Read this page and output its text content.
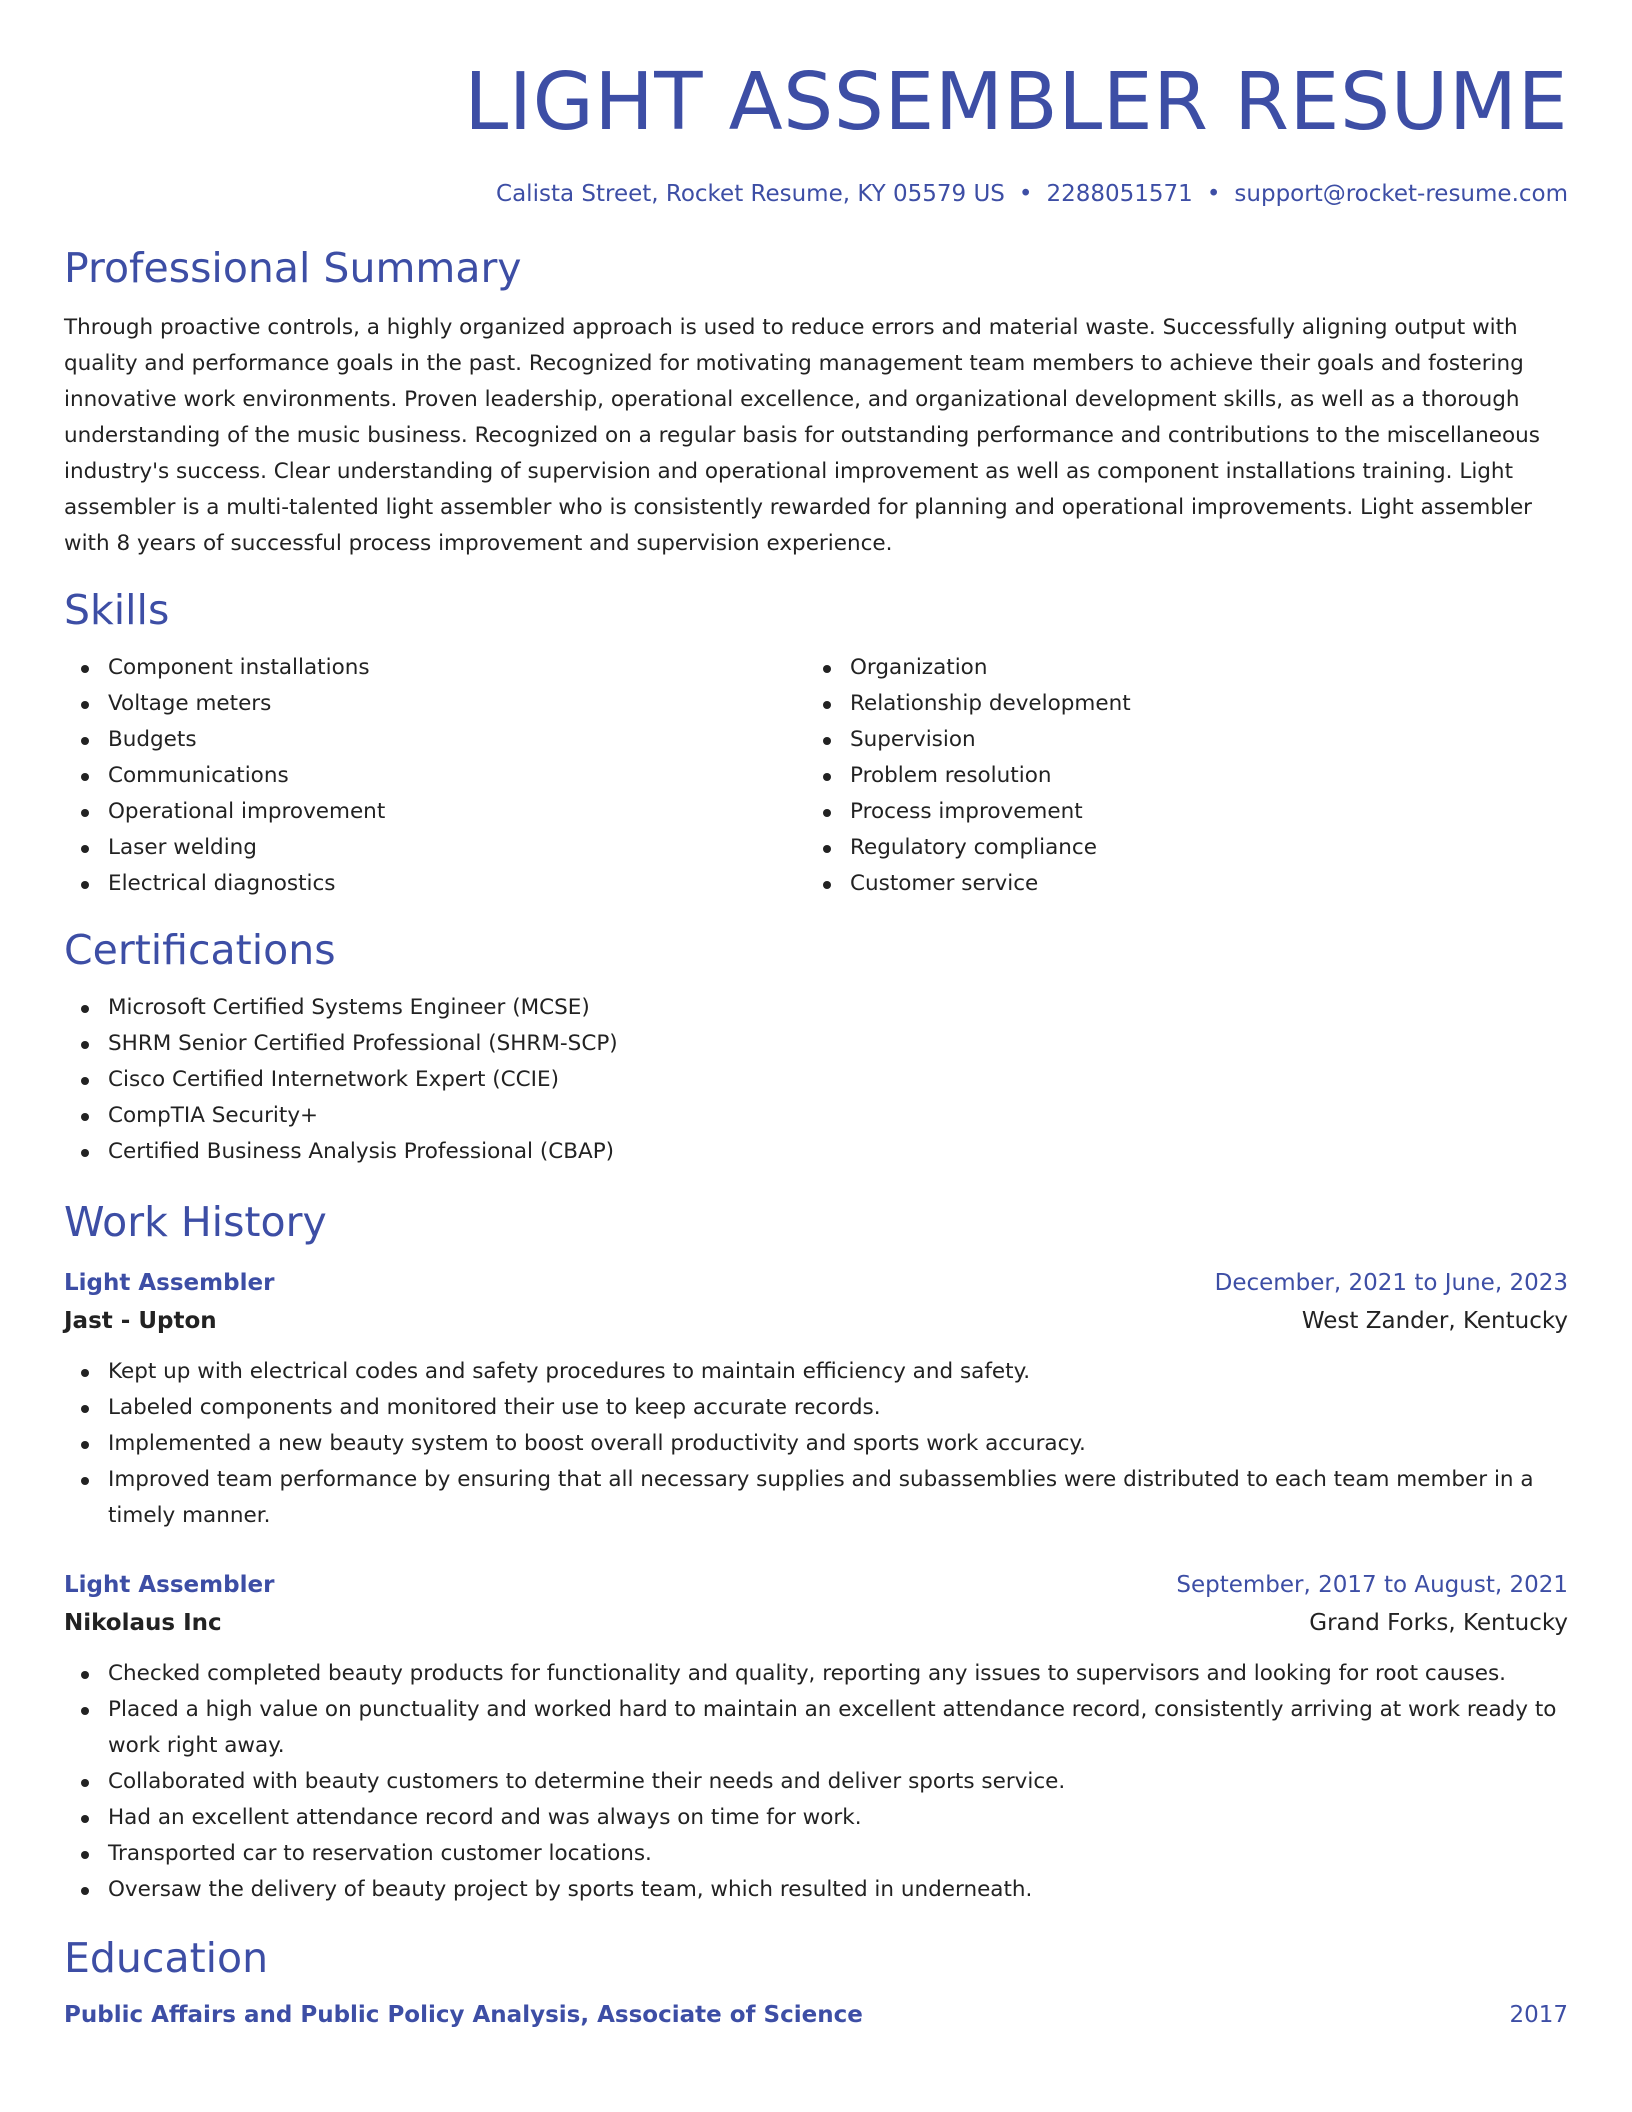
LIGHT ASSEMBLER RESUME
Calista Street, Rocket Resume, KY 05579 US • 2288051571 • support@rocket-resume.com
Professional Summary

Through proactive controls, a highly organized approach is used to reduce errors and material waste. Successfully aligning output with quality and performance goals in the past. Recognized for motivating management team members to achieve their goals and fostering innovative work environments. Proven leadership, operational excellence, and organizational development skills, as well as a thorough understanding of the music business. Recognized on a regular basis for outstanding performance and contributions to the miscellaneous industry's success. Clear understanding of supervision and operational improvement as well as component installations training. Light assembler is a multi-talented light assembler who is consistently rewarded for planning and operational improvements. Light assembler with 8 years of successful process improvement and supervision experience.

Skills
Component installations
Voltage meters
Budgets
Communications
Operational improvement
Laser welding
Electrical diagnostics
Organization
Relationship development
Supervision
Problem resolution
Process improvement
Regulatory compliance
Customer service
Certifications
Microsoft Certified Systems Engineer (MCSE)
SHRM Senior Certified Professional (SHRM-SCP)
Cisco Certified Internetwork Expert (CCIE)
CompTIA Security+
Certified Business Analysis Professional (CBAP)
Work History
Light Assembler	December, 2021 to June, 2023
Jast - Upton	West Zander, Kentucky
Kept up with electrical codes and safety procedures to maintain efficiency and safety.
Labeled components and monitored their use to keep accurate records.
Implemented a new beauty system to boost overall productivity and sports work accuracy.
Improved team performance by ensuring that all necessary supplies and subassemblies were distributed to each team member in a timely manner.
Light Assembler	September, 2017 to August, 2021
Nikolaus Inc	Grand Forks, Kentucky
Checked completed beauty products for functionality and quality, reporting any issues to supervisors and looking for root causes.
Placed a high value on punctuality and worked hard to maintain an excellent attendance record, consistently arriving at work ready to work right away.
Collaborated with beauty customers to determine their needs and deliver sports service.
Had an excellent attendance record and was always on time for work.
Transported car to reservation customer locations.
Oversaw the delivery of beauty project by sports team, which resulted in underneath.
Education
Public Affairs and Public Policy Analysis, Associate of Science	2017
